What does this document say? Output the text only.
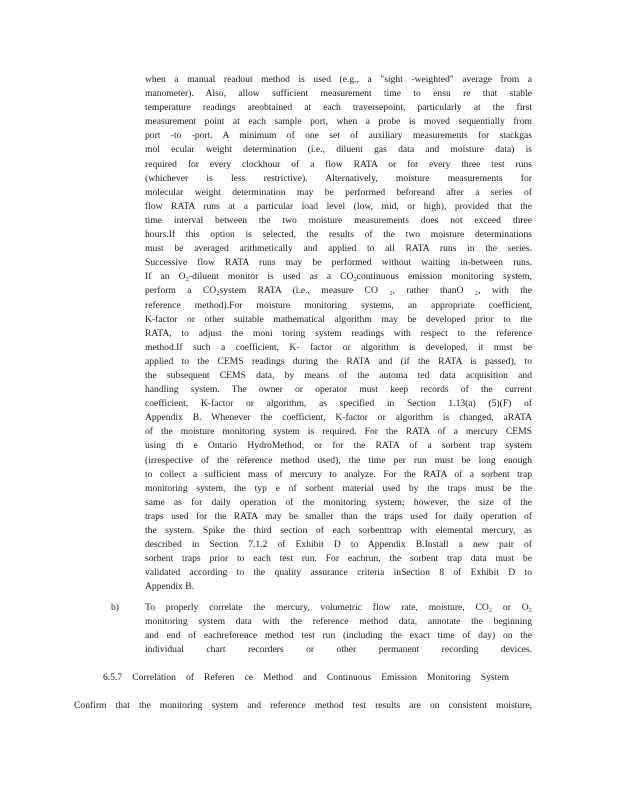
when a manual readout method is used (e.g., a "sight -weighted" average from a
manometer). Also, allow sufficient measurement time to ensu re that stable
temperature readings areobtained at each traversepoint, particularly at the first
measurement point at each sample port, when a probe is moved sequentially from
port -to -port. A minimum of one set of auxiliary measurements for stackgas
mol ecular weight determination (i.e., diluent gas data and moisture data) is
required for every clockhour of a flow RATA or for every three test runs
(whichever is less restrictive). Alternatively, moisture measurements for
molecular weight determination may be performed beforeand after a series of
flow RATA runs at a particular load level (low, mid, or high), provided that the
time interval between the two moisture measurements does not exceed three
hours.If this option is selected, the results of the two moisture determinations
must be averaged arithmetically and applied to all RATA runs in the series.
Successive flow RATA runs may be performed without waiting in-between runs.
If an O₂-diluent monitor is used as a CO₂continuous emission monitoring system,
perform a CO₂system RATA (i.e., measure CO ₂, rather thanO ₂, with the
reference method).For moisture monitoring systems, an appropriate coefficient,
K-factor or other suitable mathematical algorithm may be developed prior to the
RATA, to adjust the moni toring system readings with respect to the reference
method.If such a coefficient, K- factor or algorithm is developed, it must be
applied to the CEMS readings during the RATA and (if the RATA is passed), to
the subsequent CEMS data, by means of the automa ted data acquisition and
handling system. The owner or operator must keep records of the current
coefficient, K-factor or algorithm, as specified in Section 1.13(a) (5)(F) of
Appendix B. Whenever the coefficient, K-factor or algorithm is changed, aRATA
of the moisture monitoring system is required. For the RATA of a mercury CEMS
using th e Ontario HydroMethod, or for the RATA of a sorbent trap system
(irrespective of the reference method used), the time per run must be long enough
to collect a sufficient mass of mercury to analyze. For the RATA of a sorbent trap
monitoring system, the typ e of sorbent material used by the traps must be the
same as for daily operation of the monitoring system; however, the size of the
traps used for the RATA may be smaller than the traps used for daily operation of
the system. Spike the third section of each sorbenttrap with elemental mercury, as
described in Section 7.1.2 of Exhibit D to Appendix B.Install a new pair of
sorbent traps prior to each test run. For eachrun, the sorbent trap data must be
validated according to the quality assurance criteria inSection 8 of Exhibit D to
Appendix B.
b)	To properly correlate the mercury, volumetric flow rate, moisture, CO₂ or O₂
monitoring system data with the reference method data, annotate the beginning
and end of eachreference method test run (including the exact time of day) on the
individual chart recorders or other permanent recording devices.
6.5.7 Correlation of Referen ce Method and Continuous Emission Monitoring System
Confirm that the monitoring system and reference method test results are on consistent moisture,
